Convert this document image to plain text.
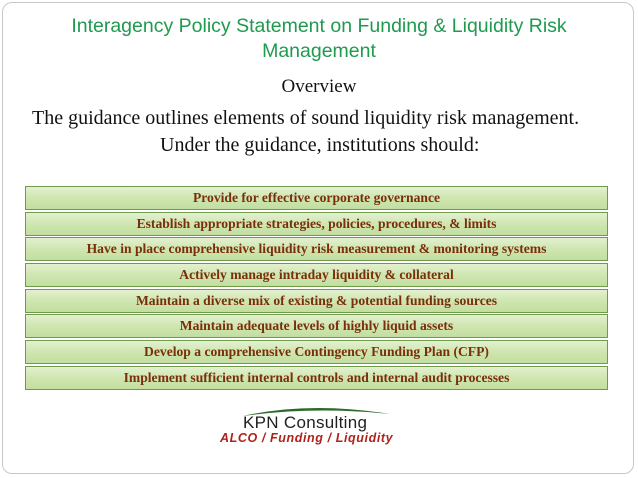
Interagency Policy Statement on Funding & Liquidity Risk Management
Overview
The guidance outlines elements of sound liquidity risk management.
Under the guidance, institutions should:
Provide for effective corporate governance
Establish appropriate strategies, policies, procedures, & limits
Have in place comprehensive liquidity risk measurement & monitoring systems
Actively manage intraday liquidity & collateral
Maintain a diverse mix of existing & potential funding sources
Maintain adequate levels of highly liquid assets
Develop a comprehensive Contingency Funding Plan (CFP)
Implement sufficient internal controls and internal audit processes
KPN Consulting
ALCO / Funding / Liquidity
